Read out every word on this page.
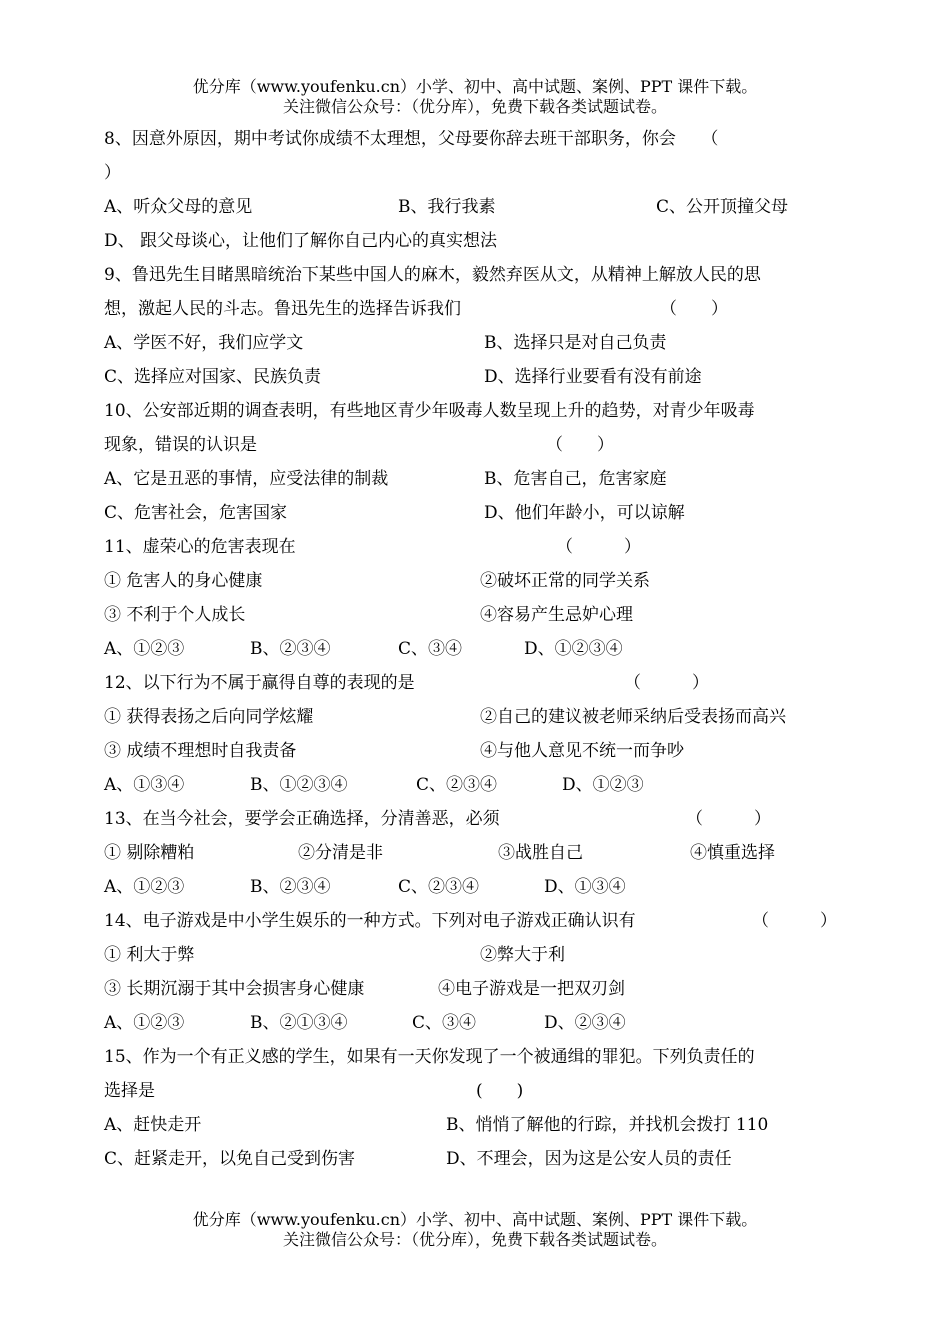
优分库（www.youfenku.cn）小学、初中、高中试题、案例、PPT 课件下载。
关注微信公众号：（优分库），免费下载各类试题试卷。
8、因意外原因，期中考试你成绩不太理想，父母要你辞去班干部职务，你会　　（
）
A、听众父母的意见	B、我行我素	C、公开顶撞父母
D、 跟父母谈心，让他们了解你自己内心的真实想法
9、鲁迅先生目睹黑暗统治下某些中国人的麻木，毅然弃医从文，从精神上解放人民的思
想，激起人民的斗志。鲁迅先生的选择告诉我们	（　　）
A、学医不好，我们应学文	B、选择只是对自己负责
C、选择应对国家、民族负责	D、选择行业要看有没有前途
10、公安部近期的调查表明，有些地区青少年吸毒人数呈现上升的趋势，对青少年吸毒
现象，错误的认识是	（　　）
A、它是丑恶的事情，应受法律的制裁	B、危害自己，危害家庭
C、危害社会，危害国家	D、他们年龄小，可以谅解
11、虚荣心的危害表现在	（　　　）
① 危害人的身心健康	②破坏正常的同学关系
③ 不利于个人成长	④容易产生忌妒心理
A、①②③	B、②③④	C、③④	D、①②③④
12、以下行为不属于赢得自尊的表现的是	（　　　）
① 获得表扬之后向同学炫耀	②自己的建议被老师采纳后受表扬而高兴
③ 成绩不理想时自我责备	④与他人意见不统一而争吵
A、①③④	B、①②③④	C、②③④	D、①②③
13、在当今社会，要学会正确选择，分清善恶，必须	（　　　）
① 剔除糟粕	②分清是非	③战胜自己	④慎重选择
A、①②③	B、②③④	C、②③④	D、①③④
14、电子游戏是中小学生娱乐的一种方式。下列对电子游戏正确认识有	（　　　）
① 利大于弊	②弊大于利
③ 长期沉溺于其中会损害身心健康	④电子游戏是一把双刃剑
A、①②③	B、②①③④	C、③④	D、②③④
15、作为一个有正义感的学生，如果有一天你发现了一个被通缉的罪犯。下列负责任的
选择是	(　　)
A、赶快走开	B、悄悄了解他的行踪，并找机会拨打 110
C、赶紧走开，以免自己受到伤害	D、不理会，因为这是公安人员的责任
优分库（www.youfenku.cn）小学、初中、高中试题、案例、PPT 课件下载。
关注微信公众号：（优分库），免费下载各类试题试卷。
